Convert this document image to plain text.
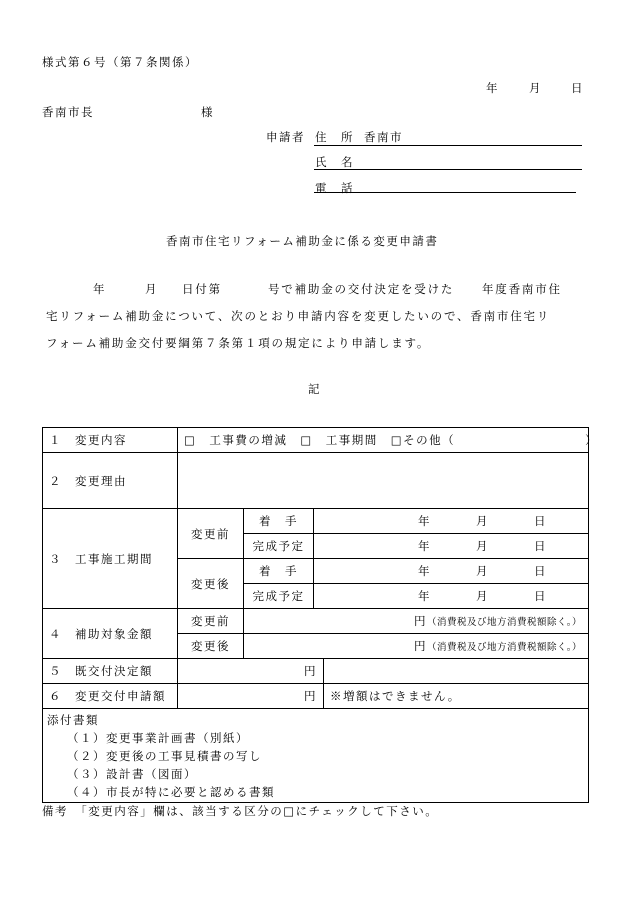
様式第６号（第７条関係）
年	月	日
香南市長	様
申請者 住　所 香南市
氏　名
電　話
香南市住宅リフォーム補助金に係る変更申請書
年	月 日付第	号で補助金の交付決定を受けた 年度香南市住
宅リフォーム補助金について、次のとおり申請内容を変更したいので、香南市住宅リ
フォーム補助金交付要綱第７条第１項の規定により申請します。
記
１　変更内容	□　工事費の増減　□　工事期間　□その他（　　　　　　　　　　）			
２　変更理由				
３　工事施工期間	変更前	着　手	年 月 日	
		完成予定	年 月 日	
	変更後	着　手	年 月 日	
		完成予定	年 月 日	
４　補助対象金額	変更前	円（消費税及び地方消費税額除く。）		
	変更後	円（消費税及び地方消費税額除く。）		
５　既交付決定額	円			
６　変更交付申請額	円			※増額はできません。

添付書類
（１）変更事業計画書（別紙）
（２）変更後の工事見積書の写し
（３）設計書（図面）
（４）市長が特に必要と認める書類				
備考　「変更内容」欄は、該当する区分の□にチェックして下さい。
